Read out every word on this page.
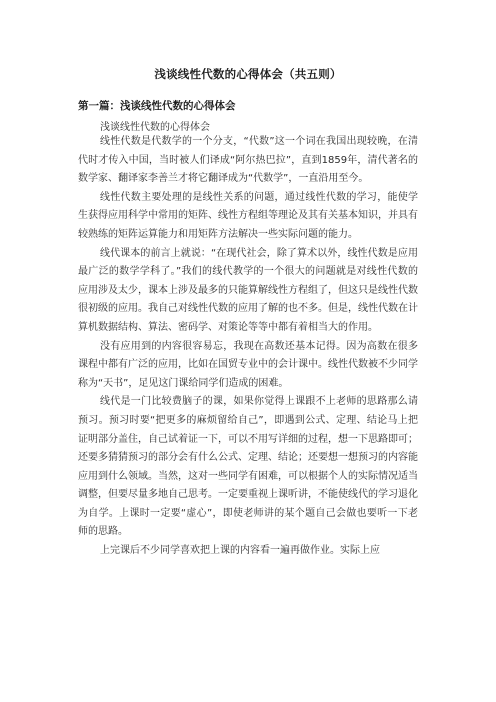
浅谈线性代数的心得体会（共五则）
第一篇：浅谈线性代数的心得体会
浅谈线性代数的心得体会

线性代数是代数学的一个分支，“代数”这一个词在我国出现较晚，在清代时才传入中国，当时被人们译成“阿尔热巴拉”，直到1859年，清代著名的数学家、翻译家李善兰才将它翻译成为“代数学”，一直沿用至今。

线性代数主要处理的是线性关系的问题，通过线性代数的学习，能使学生获得应用科学中常用的矩阵、线性方程组等理论及其有关基本知识，并具有较熟练的矩阵运算能力和用矩阵方法解决一些实际问题的能力。

线代课本的前言上就说：“在现代社会，除了算术以外，线性代数是应用最广泛的数学学科了。”我们的线代教学的一个很大的问题就是对线性代数的应用涉及太少，课本上涉及最多的只能算解线性方程组了，但这只是线性代数很初级的应用。我自己对线性代数的应用了解的也不多。但是，线性代数在计算机数据结构、算法、密码学、对策论等等中都有着相当大的作用。

没有应用到的内容很容易忘，我现在高数还基本记得。因为高数在很多课程中都有广泛的应用，比如在国贸专业中的会计课中。线性代数被不少同学称为“天书”，足见这门课给同学们造成的困难。

线代是一门比较费脑子的课，如果你觉得上课跟不上老师的思路那么请预习。预习时要“把更多的麻烦留给自己”，即遇到公式、定理、结论马上把证明部分盖住，自己试着证一下，可以不用写详细的过程，想一下思路即可；还要多猜猜预习的部分会有什么公式、定理、结论；还要想一想预习的内容能应用到什么领域。当然，这对一些同学有困难，可以根据个人的实际情况适当调整，但要尽量多地自己思考。一定要重视上课听讲，不能使线代的学习退化为自学。上课时一定要“虚心”，即使老师讲的某个题自己会做也要听一下老师的思路。

上完课后不少同学喜欢把上课的内容看一遍再做作业。实际上应
